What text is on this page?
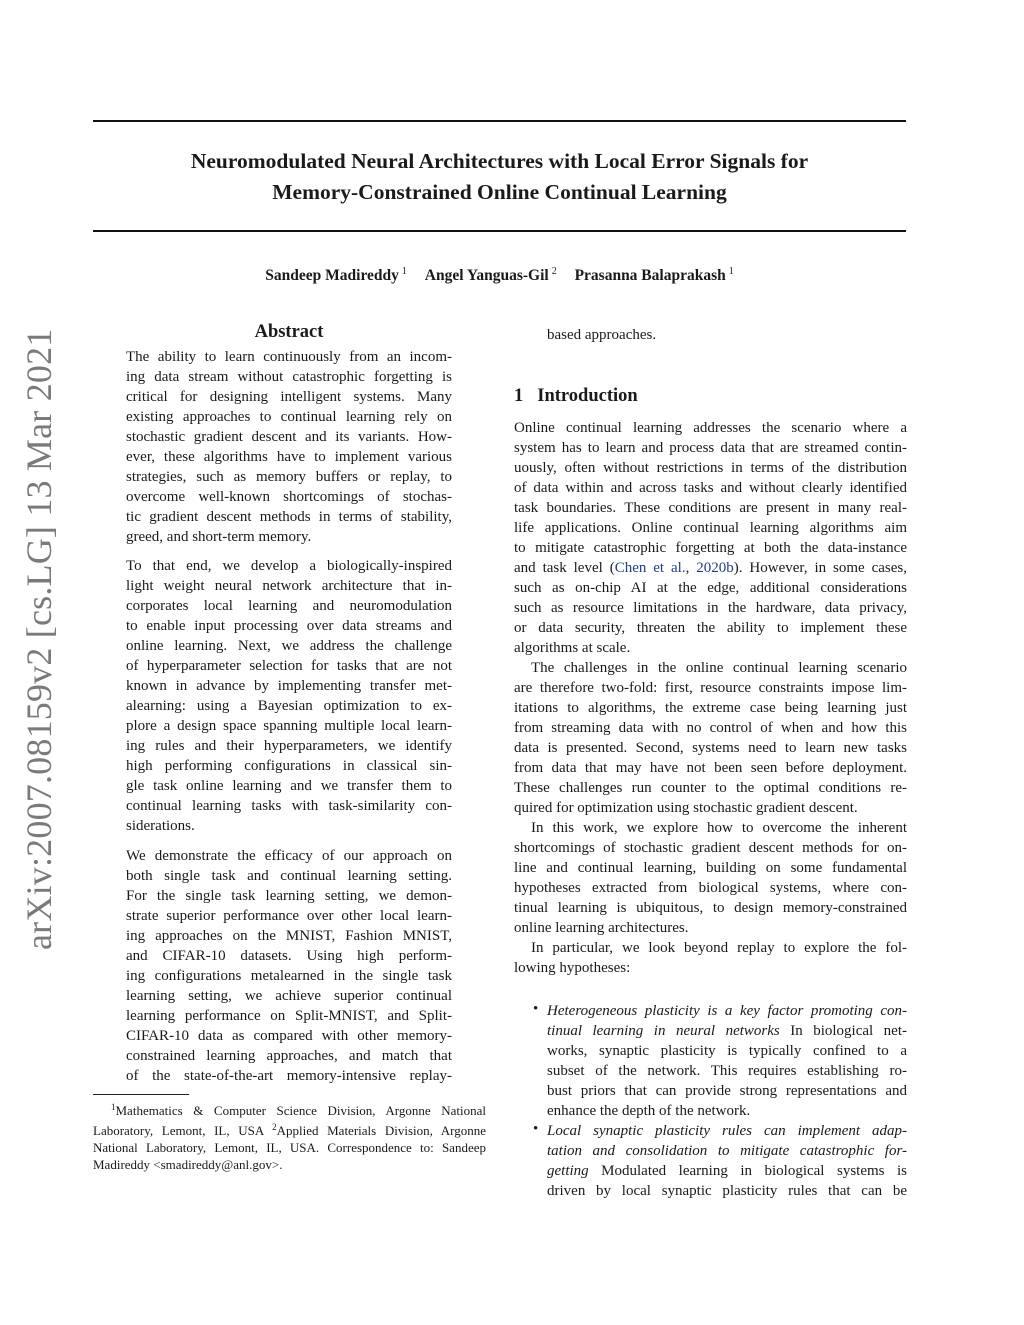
arXiv:2007.08159v2 [cs.LG] 13 Mar 2021
Neuromodulated Neural Architectures with Local Error Signals for
Memory-Constrained Online Continual Learning
Sandeep Madireddy $^1$ Angel Yanguas-Gil $^2$ Prasanna Balaprakash $^1$
Abstract
The ability to learn continuously from an incom-
ing data stream without catastrophic forgetting is
critical for designing intelligent systems. Many
existing approaches to continual learning rely on
stochastic gradient descent and its variants. How-
ever, these algorithms have to implement various
strategies, such as memory buffers or replay, to
overcome well-known shortcomings of stochas-
tic gradient descent methods in terms of stability,
greed, and short-term memory.
To that end, we develop a biologically-inspired
light weight neural network architecture that in-
corporates local learning and neuromodulation
to enable input processing over data streams and
online learning. Next, we address the challenge
of hyperparameter selection for tasks that are not
known in advance by implementing transfer met-
alearning: using a Bayesian optimization to ex-
plore a design space spanning multiple local learn-
ing rules and their hyperparameters, we identify
high performing configurations in classical sin-
gle task online learning and we transfer them to
continual learning tasks with task-similarity con-
siderations.
We demonstrate the efficacy of our approach on
both single task and continual learning setting.
For the single task learning setting, we demon-
strate superior performance over other local learn-
ing approaches on the MNIST, Fashion MNIST,
and CIFAR-10 datasets. Using high perform-
ing configurations metalearned in the single task
learning setting, we achieve superior continual
learning performance on Split-MNIST, and Split-
CIFAR-10 data as compared with other memory-
constrained learning approaches, and match that
of the state-of-the-art memory-intensive replay-

$^1$Mathematics & Computer Science Division, Argonne National Laboratory, Lemont, IL, USA $^2$Applied Materials Division, Argonne National Laboratory, Lemont, IL, USA. Correspondence to: Sandeep Madireddy <smadireddy@anl.gov>.

based approaches.
1 Introduction
Online continual learning addresses the scenario where a
system has to learn and process data that are streamed contin-
uously, often without restrictions in terms of the distribution
of data within and across tasks and without clearly identified
task boundaries. These conditions are present in many real-
life applications. Online continual learning algorithms aim
to mitigate catastrophic forgetting at both the data-instance
and task level (Chen et al., 2020b). However, in some cases,
such as on-chip AI at the edge, additional considerations
such as resource limitations in the hardware, data privacy,
or data security, threaten the ability to implement these
algorithms at scale.
The challenges in the online continual learning scenario
are therefore two-fold: first, resource constraints impose lim-
itations to algorithms, the extreme case being learning just
from streaming data with no control of when and how this
data is presented. Second, systems need to learn new tasks
from data that may have not been seen before deployment.
These challenges run counter to the optimal conditions re-
quired for optimization using stochastic gradient descent.
In this work, we explore how to overcome the inherent
shortcomings of stochastic gradient descent methods for on-
line and continual learning, building on some fundamental
hypotheses extracted from biological systems, where con-
tinual learning is ubiquitous, to design memory-constrained
online learning architectures.
In particular, we look beyond replay to explore the fol-
lowing hypotheses:
• Heterogeneous plasticity is a key factor promoting con-
tinual learning in neural networks In biological net-
works, synaptic plasticity is typically confined to a
subset of the network. This requires establishing ro-
bust priors that can provide strong representations and
enhance the depth of the network.
• Local synaptic plasticity rules can implement adap-
tation and consolidation to mitigate catastrophic for-
getting Modulated learning in biological systems is
driven by local synaptic plasticity rules that can be
